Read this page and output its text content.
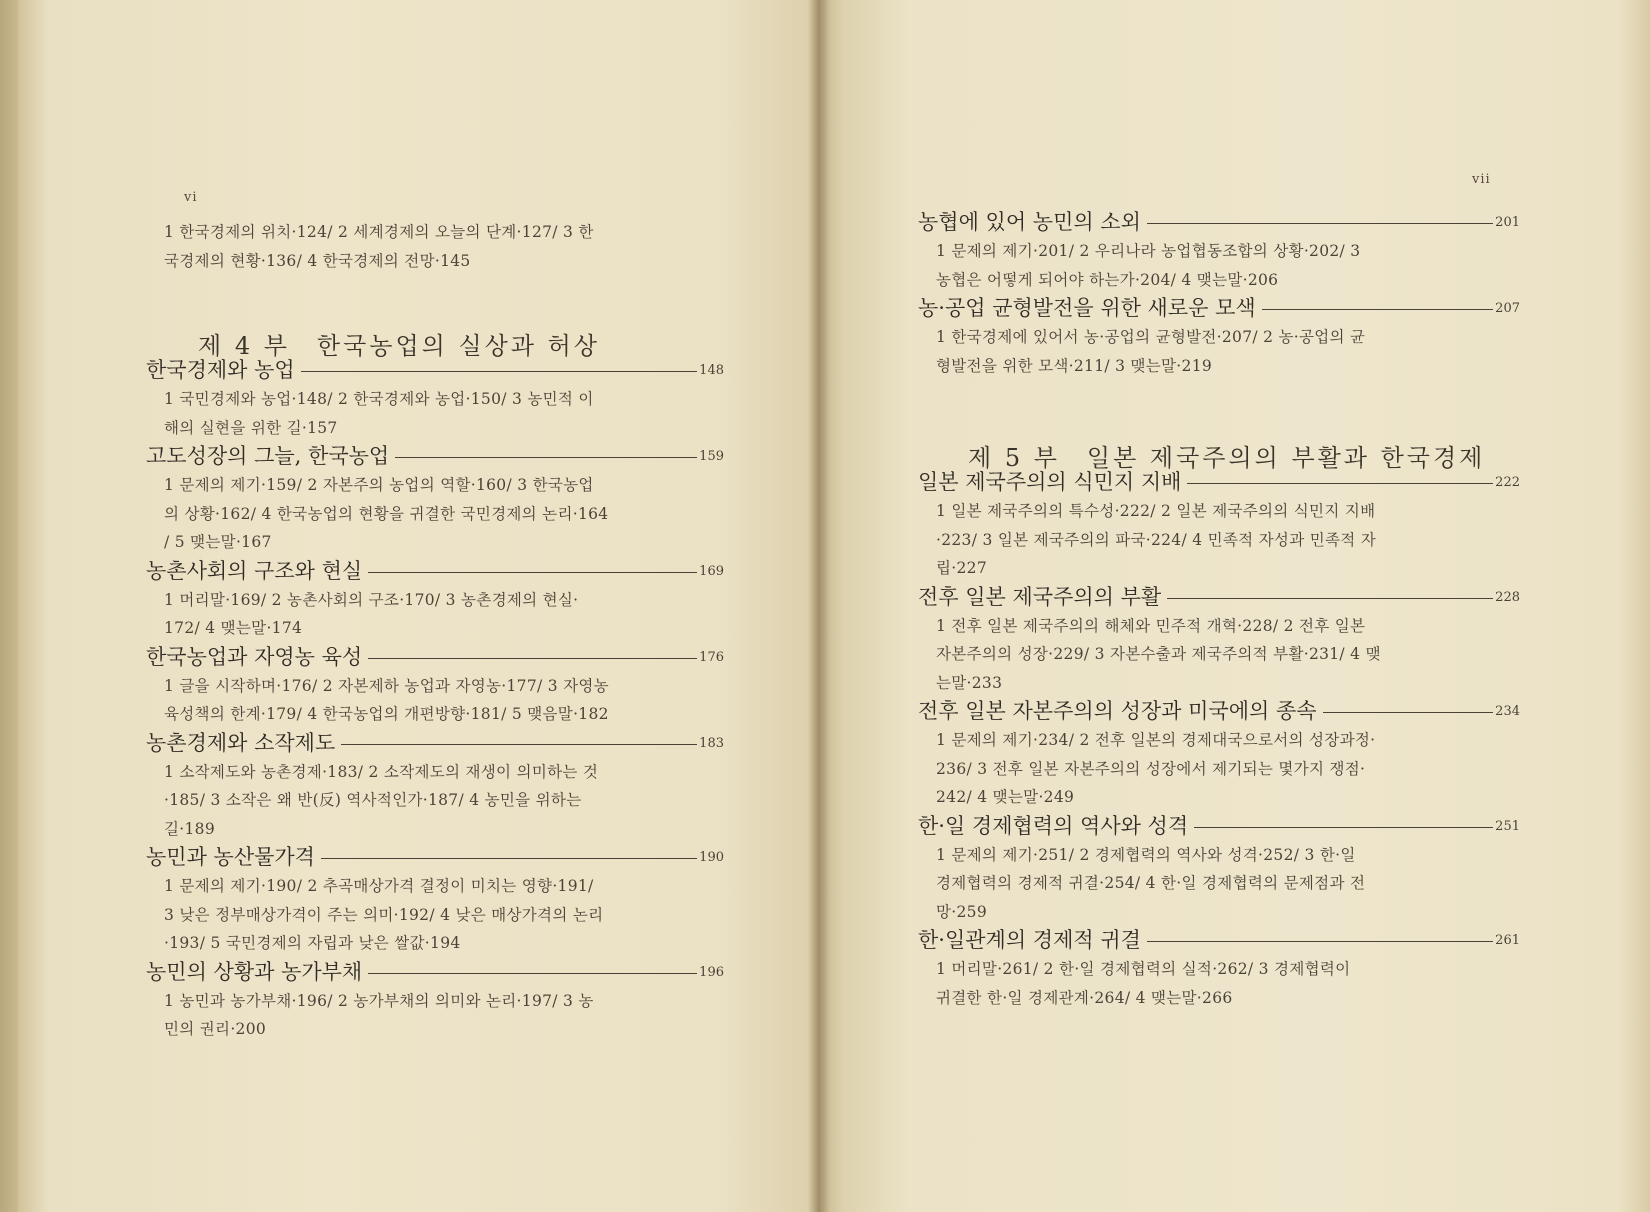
vi

1 한국경제의 위치·124/ 2 세계경제의 오늘의 단계·127/ 3 한
국경제의 현황·136/ 4 한국경제의 전망·145

제 4 부　한국농업의 실상과 허상
한국경제와 농업	148

1 국민경제와 농업·148/ 2 한국경제와 농업·150/ 3 농민적 이
해의 실현을 위한 길·157

고도성장의 그늘, 한국농업	159

1 문제의 제기·159/ 2 자본주의 농업의 역할·160/ 3 한국농업
의 상황·162/ 4 한국농업의 현황을 귀결한 국민경제의 논리·164
/ 5 맺는말·167

농촌사회의 구조와 현실	169

1 머리말·169/ 2 농촌사회의 구조·170/ 3 농촌경제의 현실·
172/ 4 맺는말·174

한국농업과 자영농 육성	176

1 글을 시작하며·176/ 2 자본제하 농업과 자영농·177/ 3 자영농
육성책의 한계·179/ 4 한국농업의 개편방향·181/ 5 맺음말·182

농촌경제와 소작제도	183

1 소작제도와 농촌경제·183/ 2 소작제도의 재생이 의미하는 것
·185/ 3 소작은 왜 반(反) 역사적인가·187/ 4 농민을 위하는
길·189

농민과 농산물가격	190

1 문제의 제기·190/ 2 추곡매상가격 결정이 미치는 영향·191/
3 낮은 정부매상가격이 주는 의미·192/ 4 낮은 매상가격의 논리
·193/ 5 국민경제의 자립과 낮은 쌀값·194

농민의 상황과 농가부채	196

1 농민과 농가부채·196/ 2 농가부채의 의미와 논리·197/ 3 농
민의 권리·200

vii
농협에 있어 농민의 소외	201

1 문제의 제기·201/ 2 우리나라 농업협동조합의 상황·202/ 3
농협은 어떻게 되어야 하는가·204/ 4 맺는말·206

농·공업 균형발전을 위한 새로운 모색	207

1 한국경제에 있어서 농·공업의 균형발전·207/ 2 농·공업의 균
형발전을 위한 모색·211/ 3 맺는말·219

제 5 부　일본 제국주의의 부활과 한국경제
일본 제국주의의 식민지 지배	222

1 일본 제국주의의 특수성·222/ 2 일본 제국주의의 식민지 지배
·223/ 3 일본 제국주의의 파국·224/ 4 민족적 자성과 민족적 자
립·227

전후 일본 제국주의의 부활	228

1 전후 일본 제국주의의 해체와 민주적 개혁·228/ 2 전후 일본
자본주의의 성장·229/ 3 자본수출과 제국주의적 부활·231/ 4 맺
는말·233

전후 일본 자본주의의 성장과 미국에의 종속	234

1 문제의 제기·234/ 2 전후 일본의 경제대국으로서의 성장과정·
236/ 3 전후 일본 자본주의의 성장에서 제기되는 몇가지 쟁점·
242/ 4 맺는말·249

한·일 경제협력의 역사와 성격	251

1 문제의 제기·251/ 2 경제협력의 역사와 성격·252/ 3 한·일
경제협력의 경제적 귀결·254/ 4 한·일 경제협력의 문제점과 전
망·259

한·일관계의 경제적 귀결	261

1 머리말·261/ 2 한·일 경제협력의 실적·262/ 3 경제협력이
귀결한 한·일 경제관계·264/ 4 맺는말·266
